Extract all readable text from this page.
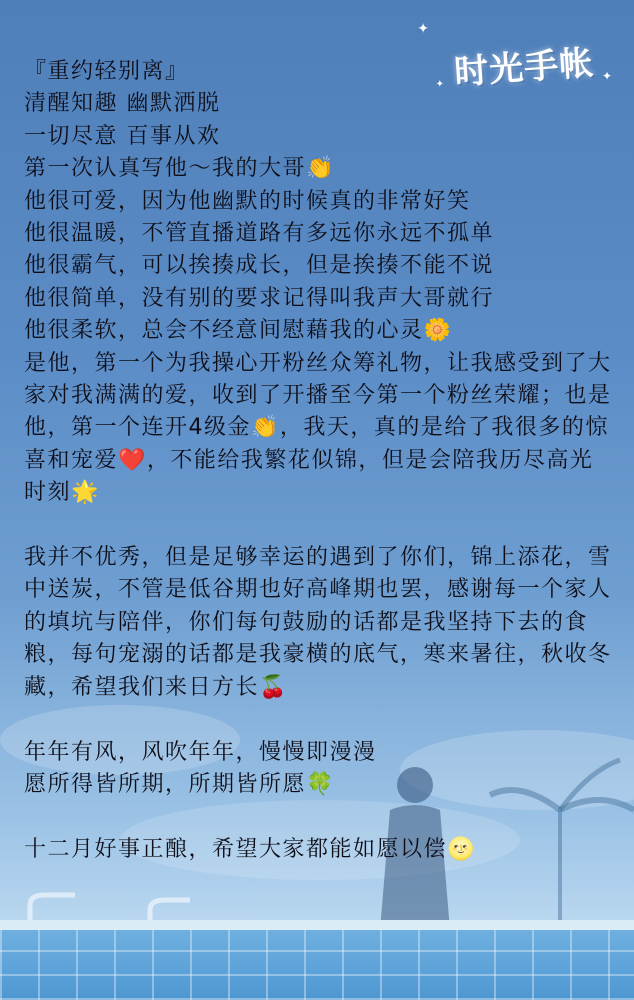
✦
✦
✦
时光手帐
『重约轻别离』
清醒知趣 幽默洒脱
一切尽意 百事从欢
第一次认真写他～我的大哥👏
他很可爱，因为他幽默的时候真的非常好笑
他很温暖，不管直播道路有多远你永远不孤单
他很霸气，可以挨揍成长，但是挨揍不能不说
他很简单，没有别的要求记得叫我声大哥就行
他很柔软，总会不经意间慰藉我的心灵🌼
是他，第一个为我操心开粉丝众筹礼物，让我感受到了大家对我满满的爱，收到了开播至今第一个粉丝荣耀；也是他，第一个连开4级金👏，我天，真的是给了我很多的惊喜和宠爱❤️，不能给我繁花似锦，但是会陪我历尽高光时刻🌟
我并不优秀，但是足够幸运的遇到了你们，锦上添花，雪中送炭，不管是低谷期也好高峰期也罢，感谢每一个家人的填坑与陪伴，你们每句鼓励的话都是我坚持下去的食粮，每句宠溺的话都是我豪横的底气，寒来暑往，秋收冬藏，希望我们来日方长🍒
年年有风，风吹年年，慢慢即漫漫
愿所得皆所期，所期皆所愿🍀
十二月好事正酿，希望大家都能如愿以偿🌝
